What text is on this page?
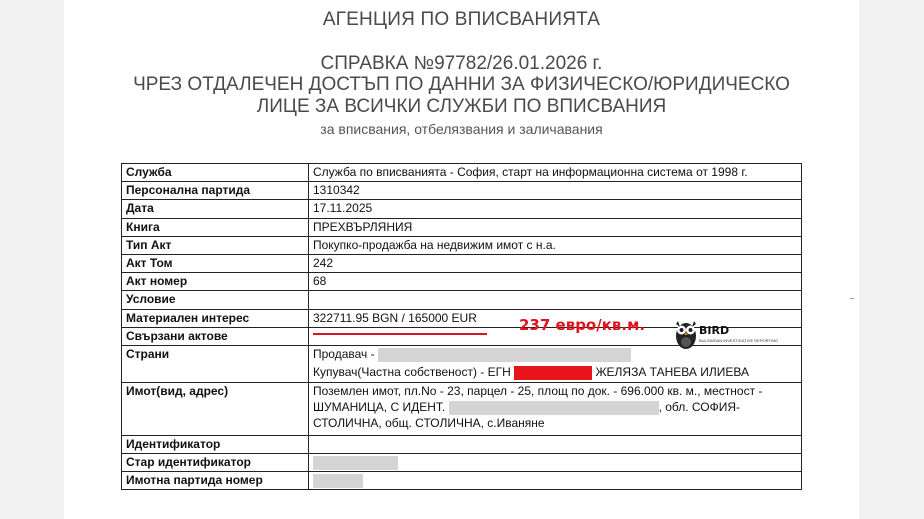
АГЕНЦИЯ ПО ВПИСВАНИЯТА
СПРАВКА №97782/26.01.2026 г.
ЧРЕЗ ОТДАЛЕЧЕН ДОСТЪП ПО ДАННИ ЗА ФИЗИЧЕСКО/ЮРИДИЧЕСКО
ЛИЦЕ ЗА ВСИЧКИ СЛУЖБИ ПО ВПИСВАНИЯ
за вписвания, отбелязвания и заличавания
Служба	Служба по вписванията - София, старт на информационна система от 1998 г.
Персонална партида	1310342
Дата	17.11.2025
Книга	ПРЕХВЪРЛЯНИЯ
Тип Акт	Покупко-продажба на недвижим имот с н.а.
Акт Том	242
Акт номер	68
Условие	
Материален интерес	322711.95 BGN / 165000 EUR
Свързани актове	
Страни	Продавач -
Купувач(Частна собственост) - ЕГН ЖЕЛЯЗА ТАНЕВА ИЛИЕВА

Имот(вид, адрес)	Поземлен имот, пл.No - 23, парцел - 25, площ по док. - 696.000 кв. м., местност -
ШУМАНИЦА, С ИДЕНТ. , обл. СОФИЯ-
СТОЛИЧНА, общ. СТОЛИЧНА, с.Иваняне

Идентификатор	
Стар идентификатор	
Имотна партида номер	
237 евро/кв.м.	BIRD
BULGARIAN INVESTIGATIVE REPORTING
